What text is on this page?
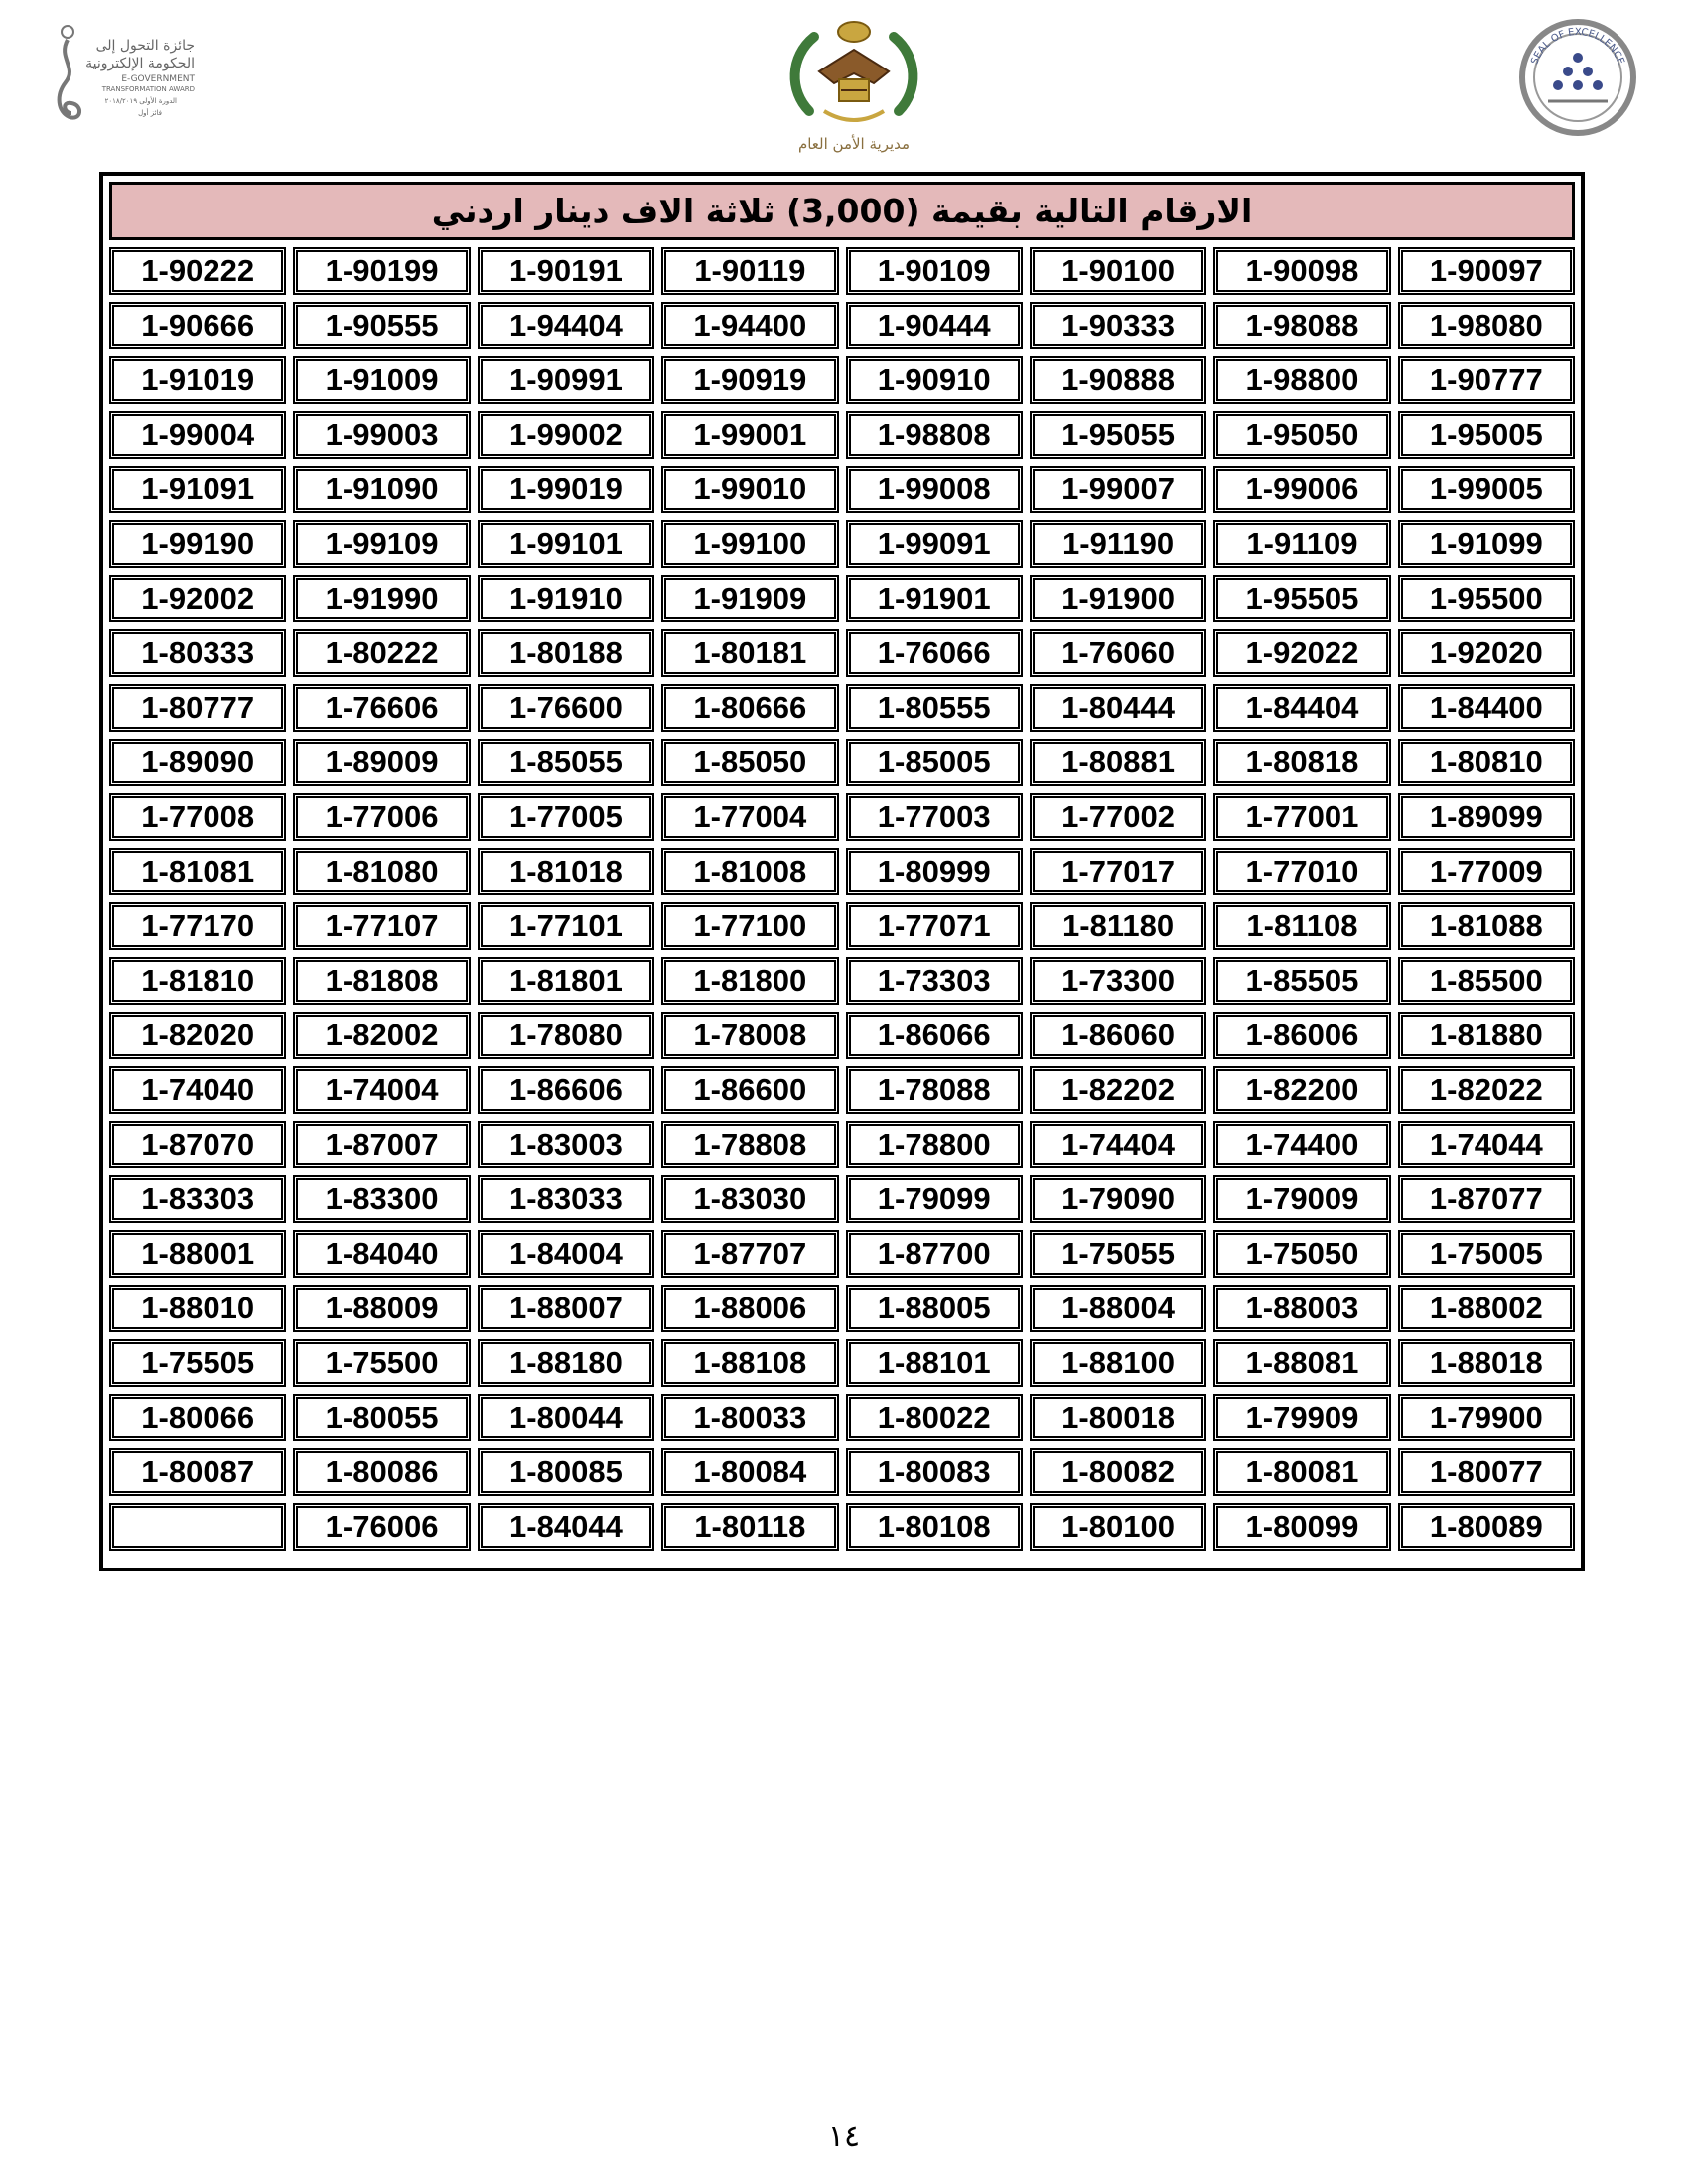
جائزة التحول إلى
الحكومة الإلكترونية
E-GOVERNMENT
TRANSFORMATION AWARD
الدورة الأولى ٢٠١٨/٢٠١٩
فائز أول
مديرية الأمن العام
SEAL OF EXCELLENCE
الارقام التالية بقيمة (3,000) ثلاثة الاف دينار اردني
1-90097
1-90098
1-90100
1-90109
1-90119
1-90191
1-90199
1-90222
1-98080
1-98088
1-90333
1-90444
1-94400
1-94404
1-90555
1-90666
1-90777
1-98800
1-90888
1-90910
1-90919
1-90991
1-91009
1-91019
1-95005
1-95050
1-95055
1-98808
1-99001
1-99002
1-99003
1-99004
1-99005
1-99006
1-99007
1-99008
1-99010
1-99019
1-91090
1-91091
1-91099
1-91109
1-91190
1-99091
1-99100
1-99101
1-99109
1-99190
1-95500
1-95505
1-91900
1-91901
1-91909
1-91910
1-91990
1-92002
1-92020
1-92022
1-76060
1-76066
1-80181
1-80188
1-80222
1-80333
1-84400
1-84404
1-80444
1-80555
1-80666
1-76600
1-76606
1-80777
1-80810
1-80818
1-80881
1-85005
1-85050
1-85055
1-89009
1-89090
1-89099
1-77001
1-77002
1-77003
1-77004
1-77005
1-77006
1-77008
1-77009
1-77010
1-77017
1-80999
1-81008
1-81018
1-81080
1-81081
1-81088
1-81108
1-81180
1-77071
1-77100
1-77101
1-77107
1-77170
1-85500
1-85505
1-73300
1-73303
1-81800
1-81801
1-81808
1-81810
1-81880
1-86006
1-86060
1-86066
1-78008
1-78080
1-82002
1-82020
1-82022
1-82200
1-82202
1-78088
1-86600
1-86606
1-74004
1-74040
1-74044
1-74400
1-74404
1-78800
1-78808
1-83003
1-87007
1-87070
1-87077
1-79009
1-79090
1-79099
1-83030
1-83033
1-83300
1-83303
1-75005
1-75050
1-75055
1-87700
1-87707
1-84004
1-84040
1-88001
1-88002
1-88003
1-88004
1-88005
1-88006
1-88007
1-88009
1-88010
1-88018
1-88081
1-88100
1-88101
1-88108
1-88180
1-75500
1-75505
1-79900
1-79909
1-80018
1-80022
1-80033
1-80044
1-80055
1-80066
1-80077
1-80081
1-80082
1-80083
1-80084
1-80085
1-80086
1-80087
1-80089
1-80099
1-80100
1-80108
1-80118
1-84044
1-76006
١٤
